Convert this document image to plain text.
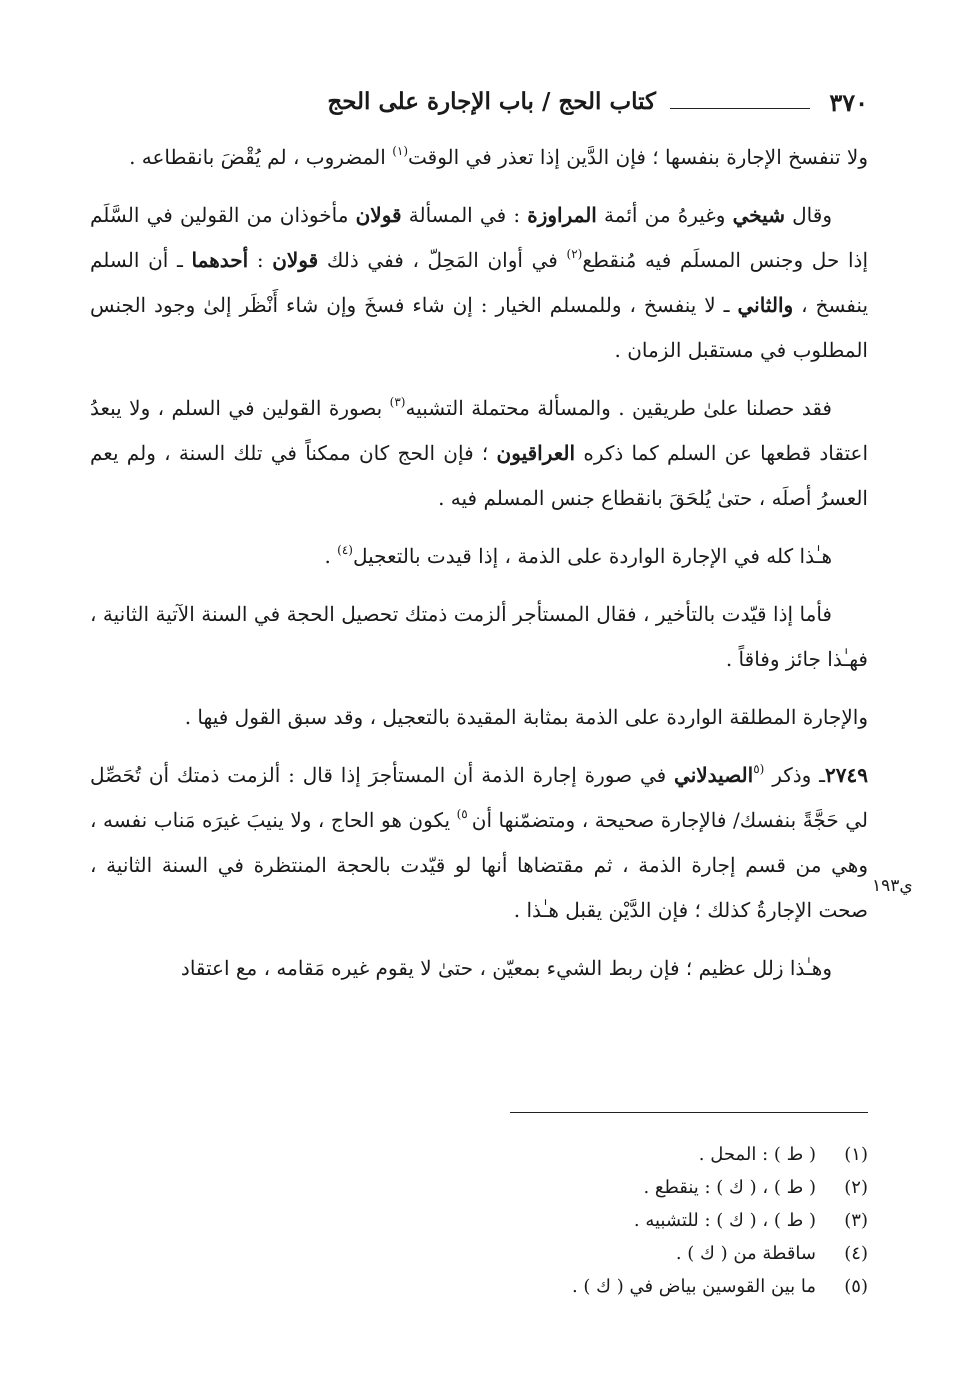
٣٧٠
كتاب الحج / باب الإجارة على الحج

ولا تنفسخ الإجارة بنفسها ؛ فإن الدَّين إذا تعذر في الوقت$^{(١)}$ المضروب ، لم يُقْضَ بانقطاعه .

وقال شيخي وغيرهُ من أئمة المراوزة : في المسألة قولان مأخوذان من القولين في السَّلَم إذا حل وجنس المسلَم فيه مُنقطع$^{(٢)}$ في أوان المَحِلّ ، ففي ذلك قولان : أحدهما ـ أن السلم ينفسخ ، والثاني ـ لا ينفسخ ، وللمسلم الخيار : إن شاء فسخَ وإن شاء أَنْظَر إلىٰ وجود الجنس المطلوب في مستقبل الزمان .

فقد حصلنا علىٰ طريقين . والمسألة محتملة التشبيه$^{(٣)}$ بصورة القولين في السلم ، ولا يبعدُ اعتقاد قطعها عن السلم كما ذكره العراقيون ؛ فإن الحج كان ممكناً في تلك السنة ، ولم يعم العسرُ أصلَه ، حتىٰ يُلحَقَ بانقطاع جنس المسلم فيه .

هـٰذا كله في الإجارة الواردة على الذمة ، إذا قيدت بالتعجيل$^{(٤)}$ .

فأما إذا قيّدت بالتأخير ، فقال المستأجر ألزمت ذمتك تحصيل الحجة في السنة الآتية الثانية ، فهـٰذا جائز وفاقاً .

والإجارة المطلقة الواردة على الذمة بمثابة المقيدة بالتعجيل ، وقد سبق القول فيها .

٢٧٤٩ـ وذكر $^{(٥}$الصيدلاني في صورة إجارة الذمة أن المستأجرَ إذا قال : ألزمت ذمتك أن تُحَصِّل لي حَجَّةً بنفسك/ فالإجارة صحيحة ، ومتضمّنها أن $^{٥)}$ يكون هو الحاج ، ولا ينيبَ غيرَه مَناب نفسه ، وهي من قسم إجارة الذمة ، ثم مقتضاها أنها لو قيّدت بالحجة المنتظرة في السنة الثانية ، صحت الإجارةُ كذلك ؛ فإن الدَّيْن يقبل هـٰذا .

وهـٰذا زلل عظيم ؛ فإن ربط الشيء بمعيّن ، حتىٰ لا يقوم غيره مَقامه ، مع اعتقاد

ي١٩٣
(١)
( ط ) : المحل .
(٢)
( ط ) ، ( ك ) : ينقطع .
(٣)
( ط ) ، ( ك ) : للتشبيه .
(٤)
ساقطة من ( ك ) .
(٥)
ما بين القوسين بياض في ( ك ) .
